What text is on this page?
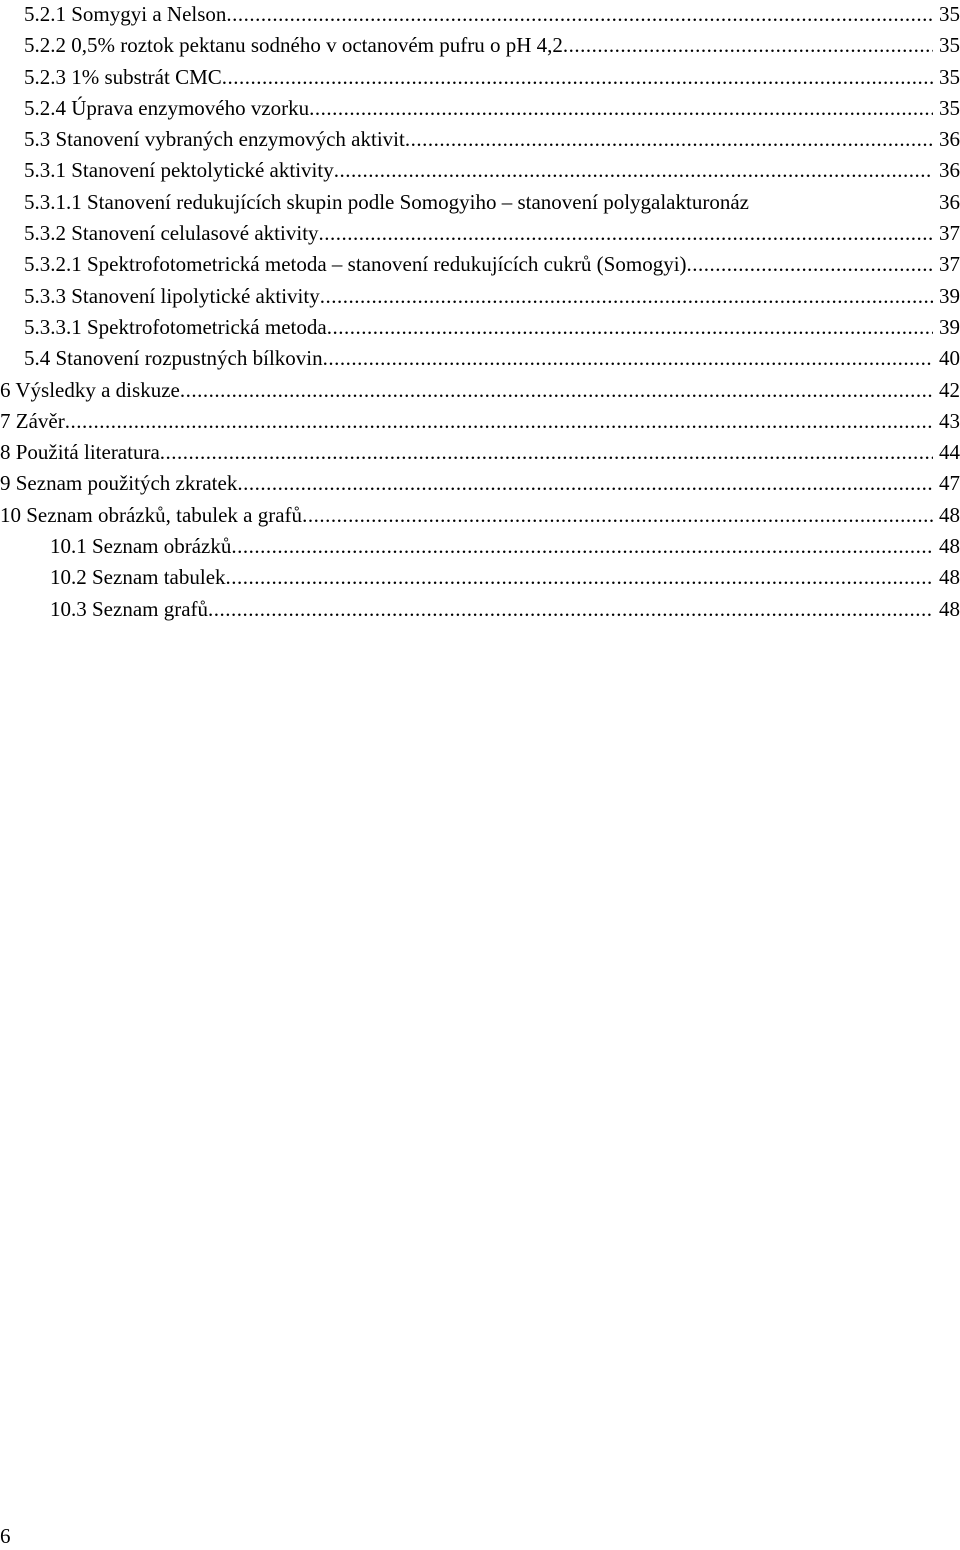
5.2.1 Somygyi a Nelson .....	35
5.2.2 0,5% roztok pektanu sodného v octanovém pufru o pH 4,2 .....	35
5.2.3 1% substrát CMC .....	35
5.2.4 Úprava enzymového vzorku .....	35
5.3 Stanovení vybraných enzymových aktivit .....	36
5.3.1 Stanovení pektolytické aktivity .....	36
5.3.1.1 Stanovení redukujících skupin podle Somogyiho – stanovení polygalakturonáz	36
5.3.2 Stanovení celulasové aktivity .....	37
5.3.2.1 Spektrofotometrická metoda – stanovení redukujících cukrů (Somogyi) .....	37
5.3.3 Stanovení lipolytické aktivity .....	39
5.3.3.1 Spektrofotometrická metoda .....	39
5.4 Stanovení rozpustných bílkovin .....	40
6 Výsledky a diskuze .....	42
7 Závěr .....	43
8 Použitá literatura .....	44
9 Seznam použitých zkratek .....	47
10 Seznam obrázků, tabulek a grafů .....	48
10.1 Seznam obrázků .....	48
10.2 Seznam tabulek .....	48
10.3 Seznam grafů .....	48
6
